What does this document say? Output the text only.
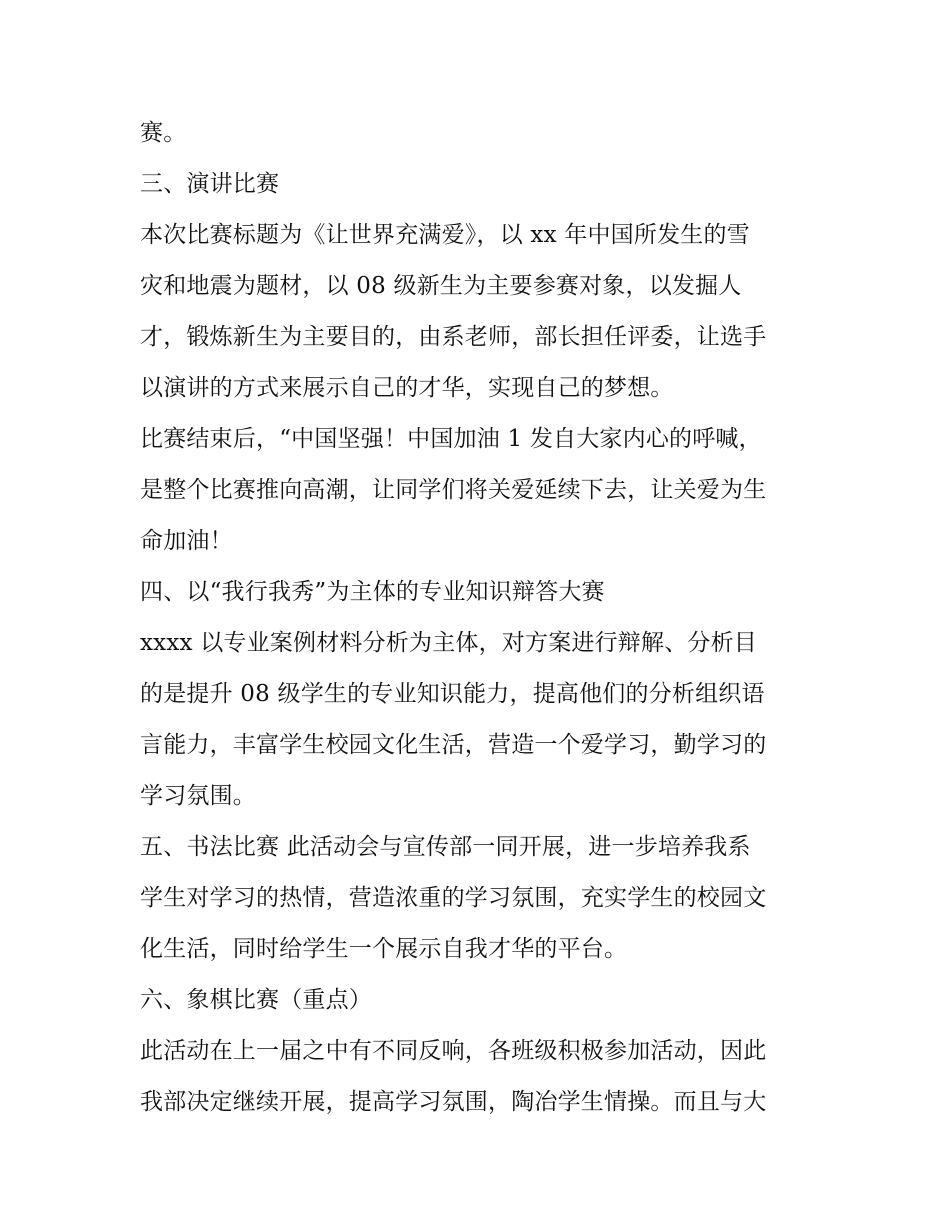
赛。
三、演讲比赛
本次比赛标题为《让世界充满爱》，以 xx 年中国所发生的雪
灾和地震为题材，以 08 级新生为主要参赛对象，以发掘人
才，锻炼新生为主要目的，由系老师，部长担任评委，让选手
以演讲的方式来展示自己的才华，实现自己的梦想。
比赛结束后，“中国坚强！中国加油 1 发自大家内心的呼喊，
是整个比赛推向高潮，让同学们将关爱延续下去，让关爱为生
命加油！
四、以“我行我秀”为主体的专业知识辩答大赛
xxxx 以专业案例材料分析为主体，对方案进行辩解、分析目
的是提升 08 级学生的专业知识能力，提高他们的分析组织语
言能力，丰富学生校园文化生活，营造一个爱学习，勤学习的
学习氛围。
五、书法比赛 此活动会与宣传部一同开展，进一步培养我系
学生对学习的热情，营造浓重的学习氛围，充实学生的校园文
化生活，同时给学生一个展示自我才华的平台。
六、象棋比赛（重点）
此活动在上一届之中有不同反响，各班级积极参加活动，因此
我部决定继续开展，提高学习氛围，陶冶学生情操。而且与大
